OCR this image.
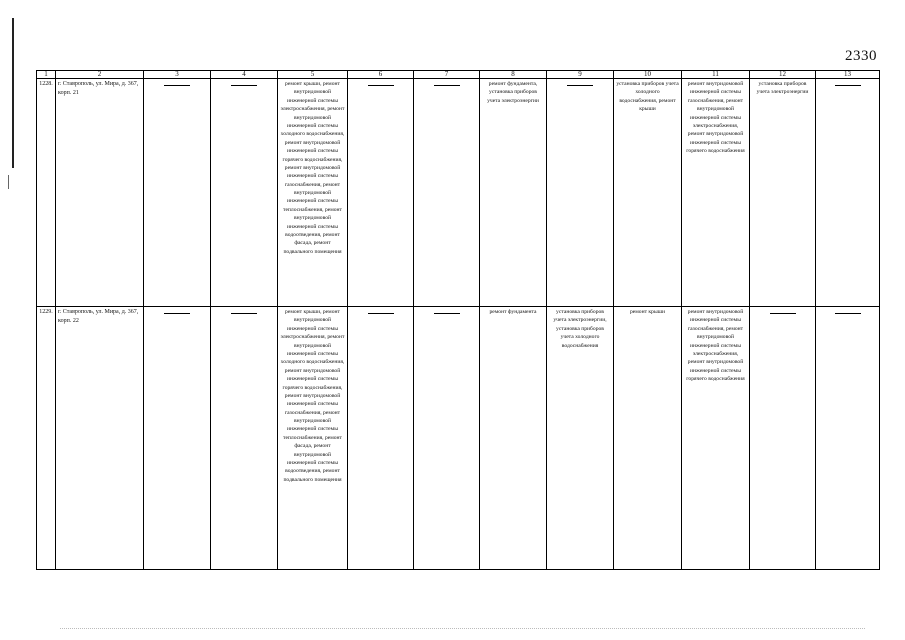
2330
1	2	3	4	5	6	7	8	9	10	11	12	13
1228.	г. Ставрополь, ул. Мира, д. 367, корп. 21			ремонт крыши, ремонт внутридомовой инженерной системы электроснабжения, ремонт внутридомовой инженерной системы холодного водоснабжения, ремонт внутридомовой инженерной системы горячего водоснабжения, ремонт внутридомовой инженерной системы газоснабжения, ремонт внутридомовой инженерной системы теплоснабжения, ремонт внутридомовой инженерной системы водоотведения, ремонт фасада, ремонт подвального помещения			ремонт фундамента, установка приборов учета электроэнергии		установка приборов учета холодного водоснабжения, ремонт крыши	ремонт внутридомовой инженерной системы газоснабжения, ремонт внутридомовой инженерной системы электроснабжения, ремонт внутридомовой инженерной системы горячего водоснабжения	установка приборов учета электроэнергии	

1229.	г. Ставрополь, ул. Мира, д. 367, корп. 22			ремонт крыши, ремонт внутридомовой инженерной системы электроснабжения, ремонт внутридомовой инженерной системы холодного водоснабжения, ремонт внутридомовой инженерной системы горячего водоснабжения, ремонт внутридомовой инженерной системы газоснабжения, ремонт внутридомовой инженерной системы теплоснабжения, ремонт фасада, ремонт внутридомовой инженерной системы водоотведения, ремонт подвального помещения			ремонт фундамента	установка приборов учета электроэнергии, установка приборов учета холодного водоснабжения	ремонт крыши	ремонт внутридомовой инженерной системы газоснабжения, ремонт внутридомовой инженерной системы электроснабжения, ремонт внутридомовой инженерной системы горячего водоснабжения	
